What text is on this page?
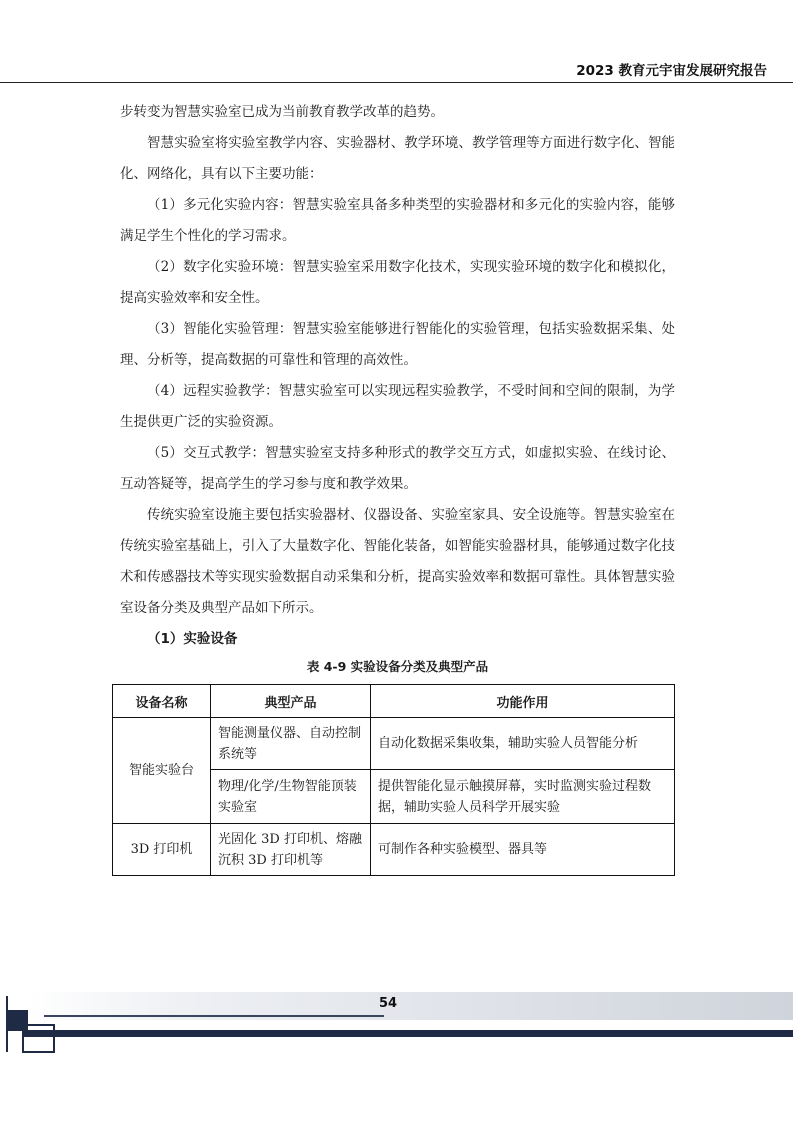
2023 教育元宇宙发展研究报告

步转变为智慧实验室已成为当前教育教学改革的趋势。

智慧实验室将实验室教学内容、实验器材、教学环境、教学管理等方面进行数字化、智能化、网络化，具有以下主要功能：

（1）多元化实验内容：智慧实验室具备多种类型的实验器材和多元化的实验内容，能够满足学生个性化的学习需求。

（2）数字化实验环境：智慧实验室采用数字化技术，实现实验环境的数字化和模拟化，提高实验效率和安全性。

（3）智能化实验管理：智慧实验室能够进行智能化的实验管理，包括实验数据采集、处理、分析等，提高数据的可靠性和管理的高效性。

（4）远程实验教学：智慧实验室可以实现远程实验教学，不受时间和空间的限制，为学生提供更广泛的实验资源。

（5）交互式教学：智慧实验室支持多种形式的教学交互方式，如虚拟实验、在线讨论、互动答疑等，提高学生的学习参与度和教学效果。

传统实验室设施主要包括实验器材、仪器设备、实验室家具、安全设施等。智慧实验室在传统实验室基础上，引入了大量数字化、智能化装备，如智能实验器材具，能够通过数字化技术和传感器技术等实现实验数据自动采集和分析，提高实验效率和数据可靠性。具体智慧实验室设备分类及典型产品如下所示。

（1）实验设备

表 4-9 实验设备分类及典型产品
设备名称	典型产品	功能作用
智能实验台	智能测量仪器、自动控制系统等	自动化数据采集收集，辅助实验人员智能分析
	物理/化学/生物智能顶装实验室	提供智能化显示触摸屏幕，实时监测实验过程数据，辅助实验人员科学开展实验
3D 打印机	光固化 3D 打印机、熔融沉积 3D 打印机等	可制作各种实验模型、器具等
54
